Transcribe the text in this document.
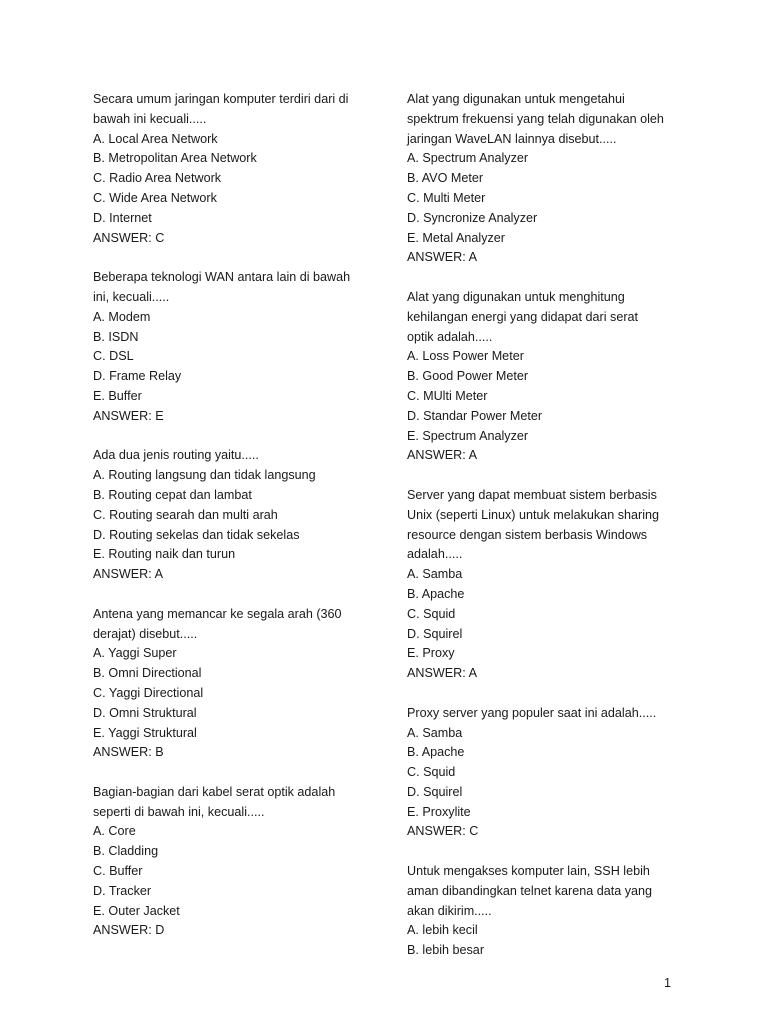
Secara umum jaringan komputer terdiri dari di
bawah ini kecuali.....
A. Local Area Network
B. Metropolitan Area Network
C. Radio Area Network
C. Wide Area Network
D. Internet
ANSWER: C
Beberapa teknologi WAN antara lain di bawah
ini, kecuali.....
A. Modem
B. ISDN
C. DSL
D. Frame Relay
E. Buffer
ANSWER: E
Ada dua jenis routing yaitu.....
A. Routing langsung dan tidak langsung
B. Routing cepat dan lambat
C. Routing searah dan multi arah
D. Routing sekelas dan tidak sekelas
E. Routing naik dan turun
ANSWER: A
Antena yang memancar ke segala arah (360
derajat) disebut.....
A. Yaggi Super
B. Omni Directional
C. Yaggi Directional
D. Omni Struktural
E. Yaggi Struktural
ANSWER: B
Bagian-bagian dari kabel serat optik adalah
seperti di bawah ini, kecuali.....
A. Core
B. Cladding
C. Buffer
D. Tracker
E. Outer Jacket
ANSWER: D
Alat yang digunakan untuk mengetahui
spektrum frekuensi yang telah digunakan oleh
jaringan WaveLAN lainnya disebut.....
A. Spectrum Analyzer
B. AVO Meter
C. Multi Meter
D. Syncronize Analyzer
E. Metal Analyzer
ANSWER: A
Alat yang digunakan untuk menghitung
kehilangan energi yang didapat dari serat
optik adalah.....
A. Loss Power Meter
B. Good Power Meter
C. MUlti Meter
D. Standar Power Meter
E. Spectrum Analyzer
ANSWER: A
Server yang dapat membuat sistem berbasis
Unix (seperti Linux) untuk melakukan sharing
resource dengan sistem berbasis Windows
adalah.....
A. Samba
B. Apache
C. Squid
D. Squirel
E. Proxy
ANSWER: A
Proxy server yang populer saat ini adalah.....
A. Samba
B. Apache
C. Squid
D. Squirel
E. Proxylite
ANSWER: C
Untuk mengakses komputer lain, SSH lebih
aman dibandingkan telnet karena data yang
akan dikirim.....
A. lebih kecil
B. lebih besar
1
